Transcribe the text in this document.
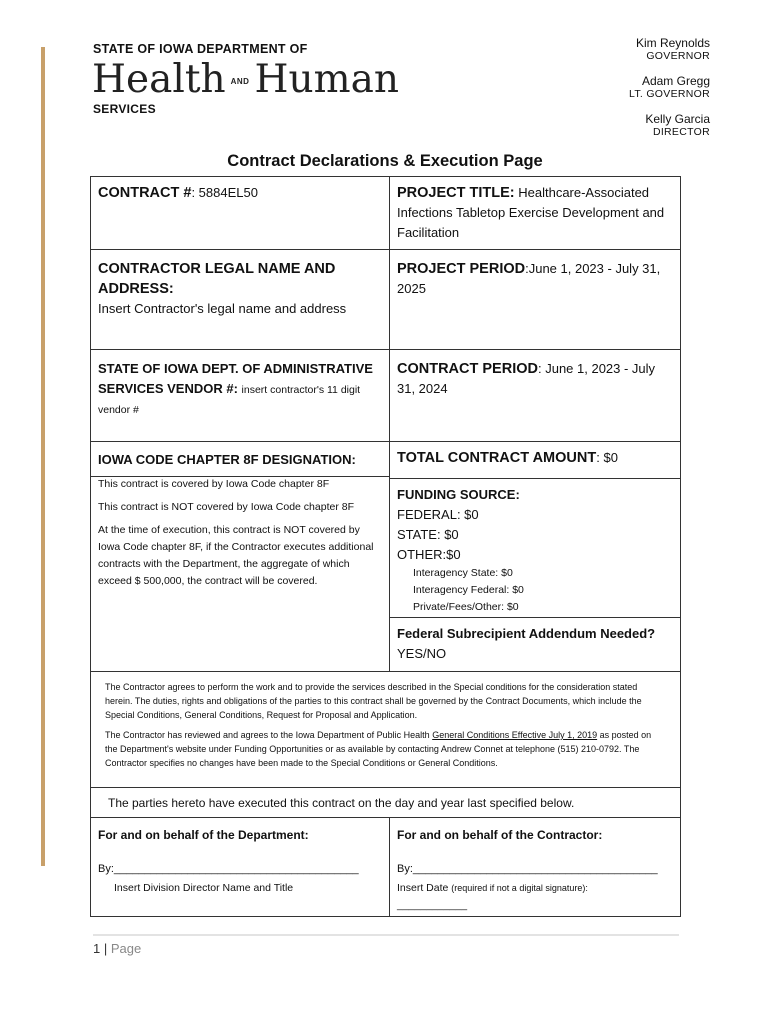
STATE OF IOWA DEPARTMENT OF
Health AND Human
SERVICES
Kim Reynolds
GOVERNOR
Adam Gregg
LT. GOVERNOR
Kelly Garcia
DIRECTOR
Contract Declarations & Execution Page
CONTRACT #: 5884EL50	PROJECT TITLE: Healthcare-Associated Infections Tabletop Exercise Development and Facilitation
CONTRACTOR LEGAL NAME AND ADDRESS:
Insert Contractor's legal name and address
PROJECT PERIOD:June 1, 2023 - July 31, 2025
STATE OF IOWA DEPT. OF ADMINISTRATIVE SERVICES VENDOR #: insert contractor's 11 digit vendor #
CONTRACT PERIOD: June 1, 2023 - July 31, 2024
IOWA CODE CHAPTER 8F DESIGNATION:
This contract is covered by Iowa Code chapter 8F
This contract is NOT covered by Iowa Code chapter 8F
At the time of execution, this contract is NOT covered by Iowa Code chapter 8F, if the Contractor executes additional contracts with the Department, the aggregate of which exceed $ 500,000, the contract will be covered.
TOTAL CONTRACT AMOUNT: $0
FUNDING SOURCE:
FEDERAL: $0
STATE: $0
OTHER:$0
Interagency State: $0
Interagency Federal: $0
Private/Fees/Other: $0
Federal Subrecipient Addendum Needed?
YES/NO
The Contractor agrees to perform the work and to provide the services described in the Special conditions for the consideration stated herein. The duties, rights and obligations of the parties to this contract shall be governed by the Contract Documents, which include the Special Conditions, General Conditions, Request for Proposal and Application.
The Contractor has reviewed and agrees to the Iowa Department of Public Health General Conditions Effective July 1, 2019 as posted on the Department's website under Funding Opportunities or as available by contacting Andrew Connet at telephone (515) 210-0792. The Contractor specifies no changes have been made to the Special Conditions or General Conditions.
The parties hereto have executed this contract on the day and year last specified below.
For and on behalf of the Department:
By:________________________________________
Insert Division Director Name and Title
For and on behalf of the Contractor:
By:________________________________________
Insert Date (required if not a digital signature):
____________
1 | Page
